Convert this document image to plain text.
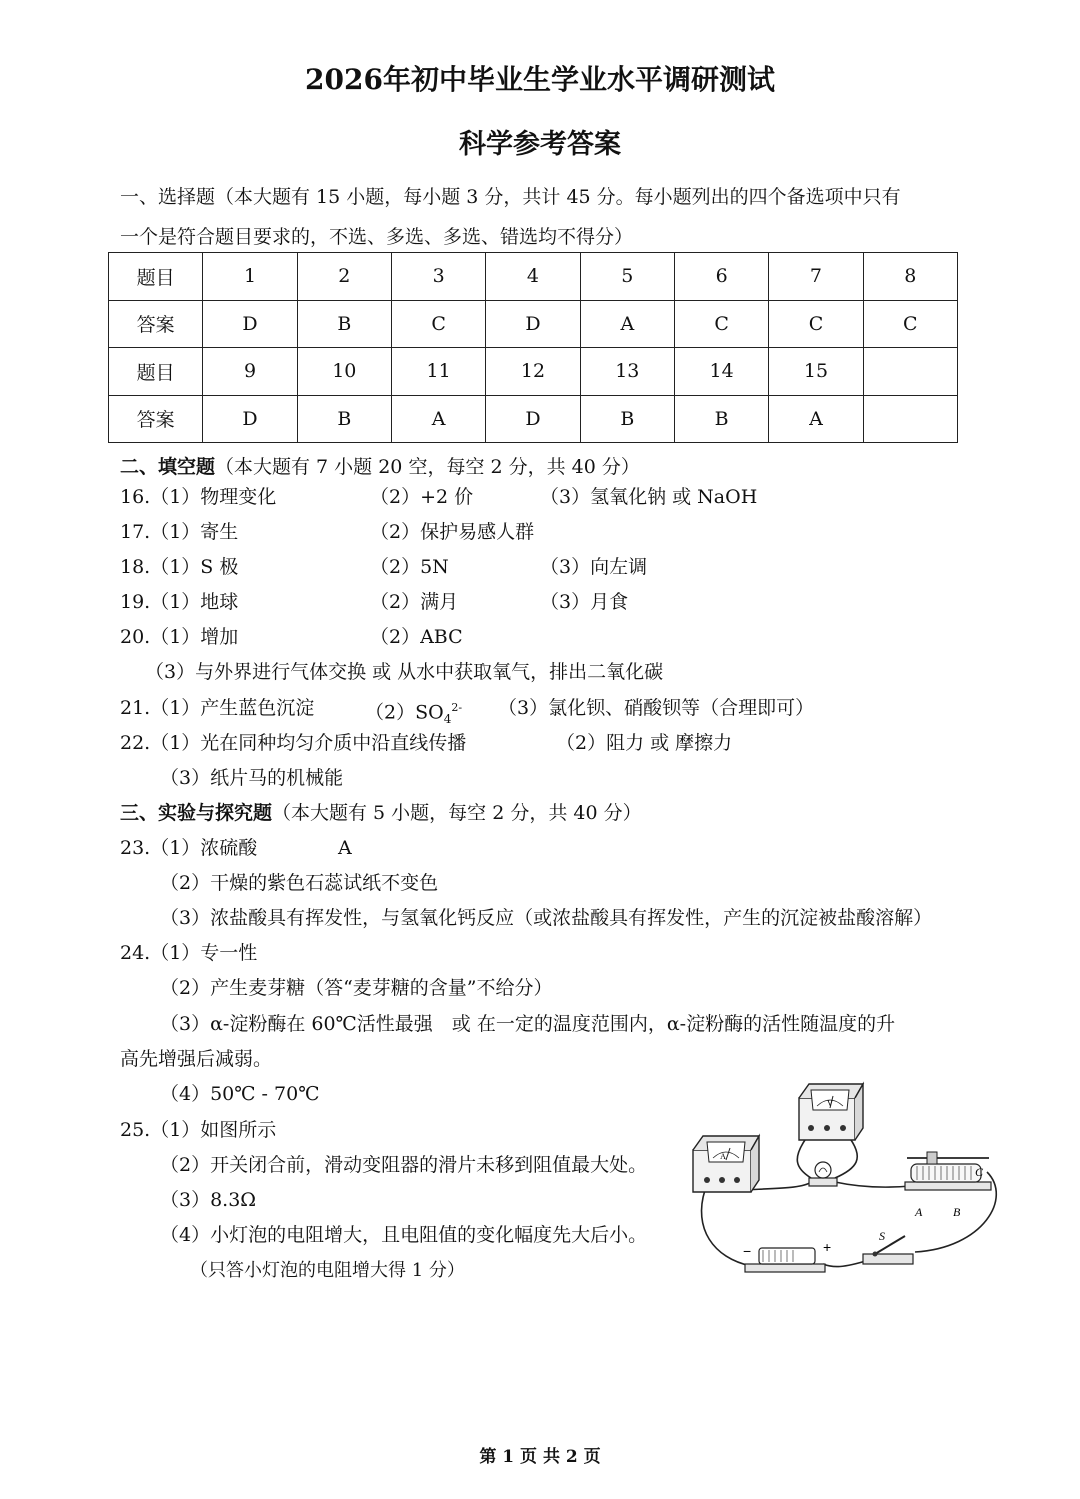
2026年初中毕业生学业水平调研测试
科学参考答案
一、选择题（本大题有 15 小题，每小题 3 分，共计 45 分。每小题列出的四个备选项中只有
一个是符合题目要求的，不选、多选、多选、错选均不得分）
题目	1	2	3	4	5	6	7	8
答案	D	B	C	D	A	C	C	C
题目	9	10	11	12	13	14	15	
答案	D	B	A	D	B	B	A	
二、填空题（本大题有 7 小题 20 空，每空 2 分，共 40 分）
16.（1）物理变化	（2）+2 价	（3）氢氧化钠 或 NaOH
17.（1）寄生	（2）保护易感人群
18.（1）S 极	（2）5N	（3）向左调
19.（1）地球	（2）满月	（3）月食
20.（1）增加	（2）ABC
（3）与外界进行气体交换 或 从水中获取氧气，排出二氧化碳
21.（1）产生蓝色沉淀	$(2)SO_4^{2-}$ （3）氯化钡、硝酸钡等（合理即可）
22.（1）光在同种均匀介质中沿直线传播	（2）阻力 或 摩擦力
（3）纸片马的机械能
三、实验与探究题（本大题有 5 小题，每空 2 分，共 40 分）
23.（1）浓硫酸	A
（2）干燥的紫色石蕊试纸不变色
（3）浓盐酸具有挥发性，与氢氧化钙反应（或浓盐酸具有挥发性，产生的沉淀被盐酸溶解）
24.（1）专一性
（2）产生麦芽糖（答“麦芽糖的含量”不给分）
（3）α-淀粉酶在 60℃活性最强　或 在一定的温度范围内，α-淀粉酶的活性随温度的升
高先增强后减弱。
（4）50℃ - 70℃
25.（1）如图所示
（2）开关闭合前，滑动变阻器的滑片未移到阻值最大处。
（3）8.3Ω
（4）小灯泡的电阻增大，且电阻值的变化幅度先大后小。
（只答小灯泡的电阻增大得 1 分）
A
V
A	B
C
−	+
S
第 1 页 共 2 页
